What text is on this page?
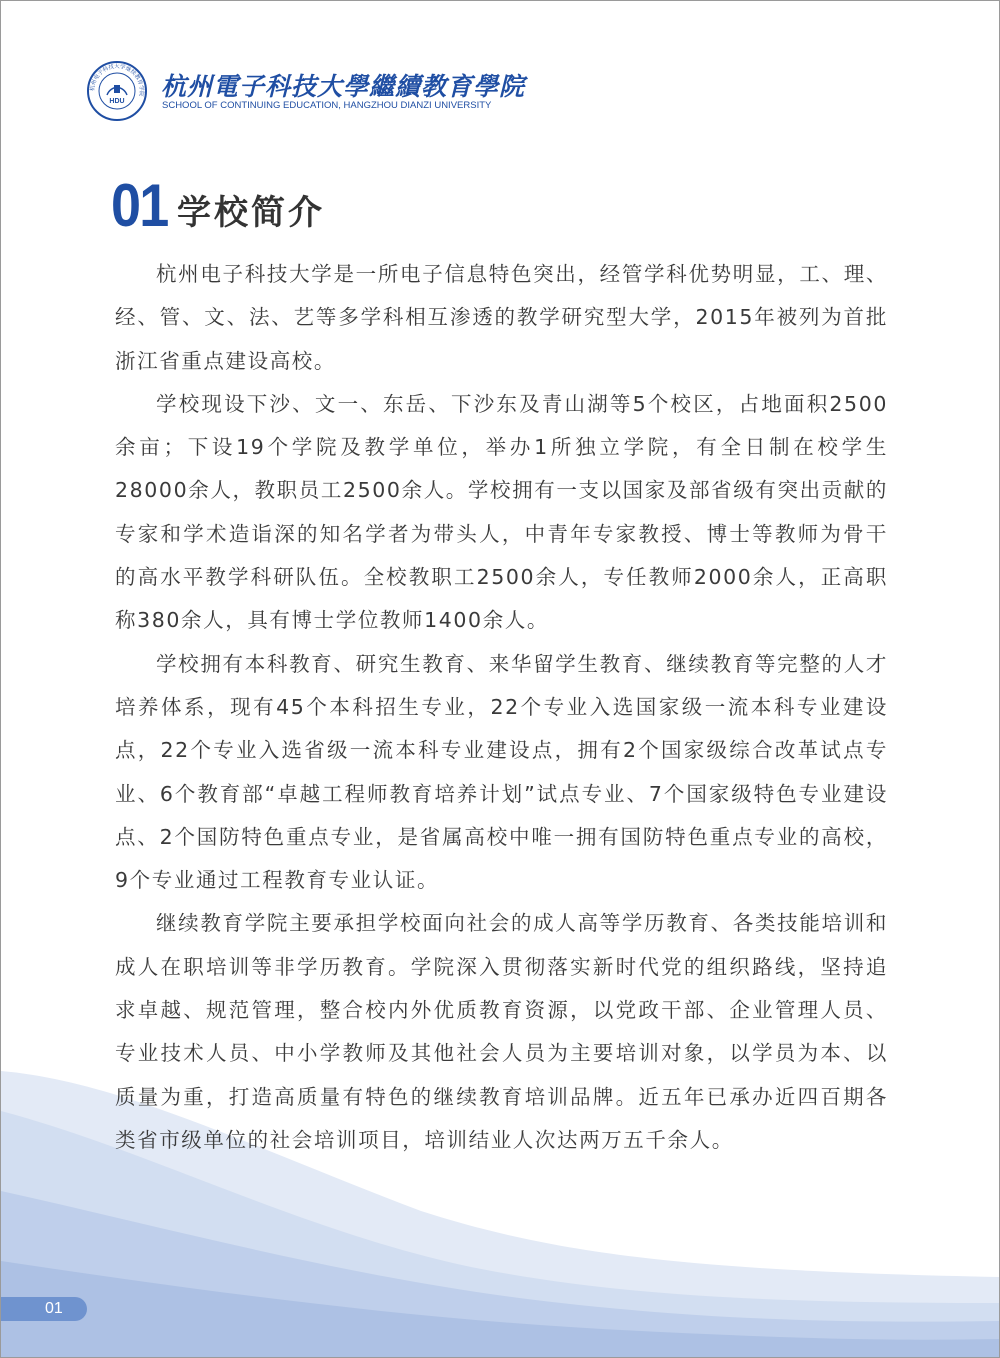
杭州电子科技大学继续教育学院
HDU
杭州電子科技大學繼續教育學院
SCHOOL OF CONTINUING EDUCATION, HANGZHOU DIANZI UNIVERSITY
01 学校简介

杭州电子科技大学是一所电子信息特色突出，经管学科优势明显，工、理、经、管、文、法、艺等多学科相互渗透的教学研究型大学，2015年被列为首批浙江省重点建设高校。

学校现设下沙、文一、东岳、下沙东及青山湖等5个校区，占地面积2500余亩；下设19个学院及教学单位，举办1所独立学院，有全日制在校学生28000余人，教职员工2500余人。学校拥有一支以国家及部省级有突出贡献的专家和学术造诣深的知名学者为带头人，中青年专家教授、博士等教师为骨干的高水平教学科研队伍。全校教职工2500余人，专任教师2000余人，正高职称380余人，具有博士学位教师1400余人。

学校拥有本科教育、研究生教育、来华留学生教育、继续教育等完整的人才培养体系，现有45个本科招生专业，22个专业入选国家级一流本科专业建设点，22个专业入选省级一流本科专业建设点，拥有2个国家级综合改革试点专业、6个教育部“卓越工程师教育培养计划”试点专业、7个国家级特色专业建设点、2个国防特色重点专业，是省属高校中唯一拥有国防特色重点专业的高校，9个专业通过工程教育专业认证。

继续教育学院主要承担学校面向社会的成人高等学历教育、各类技能培训和成人在职培训等非学历教育。学院深入贯彻落实新时代党的组织路线，坚持追求卓越、规范管理，整合校内外优质教育资源，以党政干部、企业管理人员、专业技术人员、中小学教师及其他社会人员为主要培训对象，以学员为本、以质量为重，打造高质量有特色的继续教育培训品牌。近五年已承办近四百期各类省市级单位的社会培训项目，培训结业人次达两万五千余人。

01
